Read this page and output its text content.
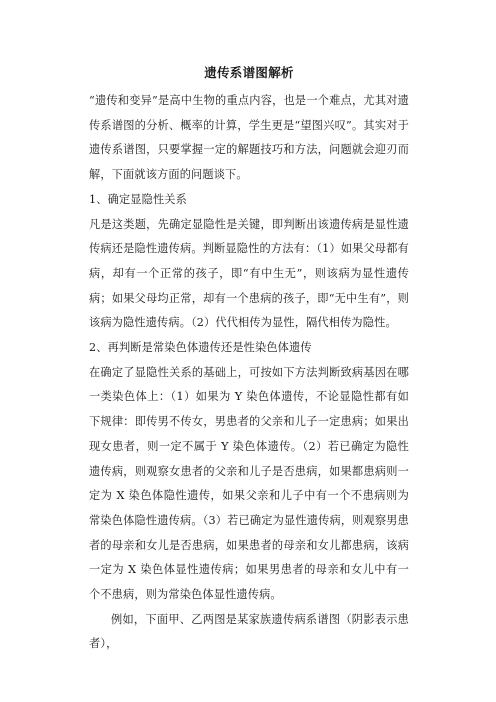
遗传系谱图解析

“遗传和变异”是高中生物的重点内容，也是一个难点，尤其对遗传系谱图的分析、概率的计算，学生更是“望图兴叹”。其实对于遗传系谱图，只要掌握一定的解题技巧和方法，问题就会迎刃而解，下面就该方面的问题谈下。

1、确定显隐性关系

凡是这类题，先确定显隐性是关键，即判断出该遗传病是显性遗传病还是隐性遗传病。判断显隐性的方法有：（1）如果父母都有病，却有一个正常的孩子，即“有中生无”，则该病为显性遗传病；如果父母均正常，却有一个患病的孩子，即“无中生有”，则该病为隐性遗传病。（2）代代相传为显性，隔代相传为隐性。

2、再判断是常染色体遗传还是性染色体遗传

在确定了显隐性关系的基础上，可按如下方法判断致病基因在哪一类染色体上：（1）如果为 Y 染色体遗传，不论显隐性都有如下规律：即传男不传女，男患者的父亲和儿子一定患病；如果出现女患者，则一定不属于 Y 染色体遗传。（2）若已确定为隐性遗传病，则观察女患者的父亲和儿子是否患病，如果都患病则一定为 X 染色体隐性遗传，如果父亲和儿子中有一个不患病则为常染色体隐性遗传病。（3）若已确定为显性遗传病，则观察男患者的母亲和女儿是否患病，如果患者的母亲和女儿都患病，该病一定为 X 染色体显性遗传病；如果男患者的母亲和女儿中有一个不患病，则为常染色体显性遗传病。

例如，下面甲、乙两图是某家族遗传病系谱图（阴影表示患者），
